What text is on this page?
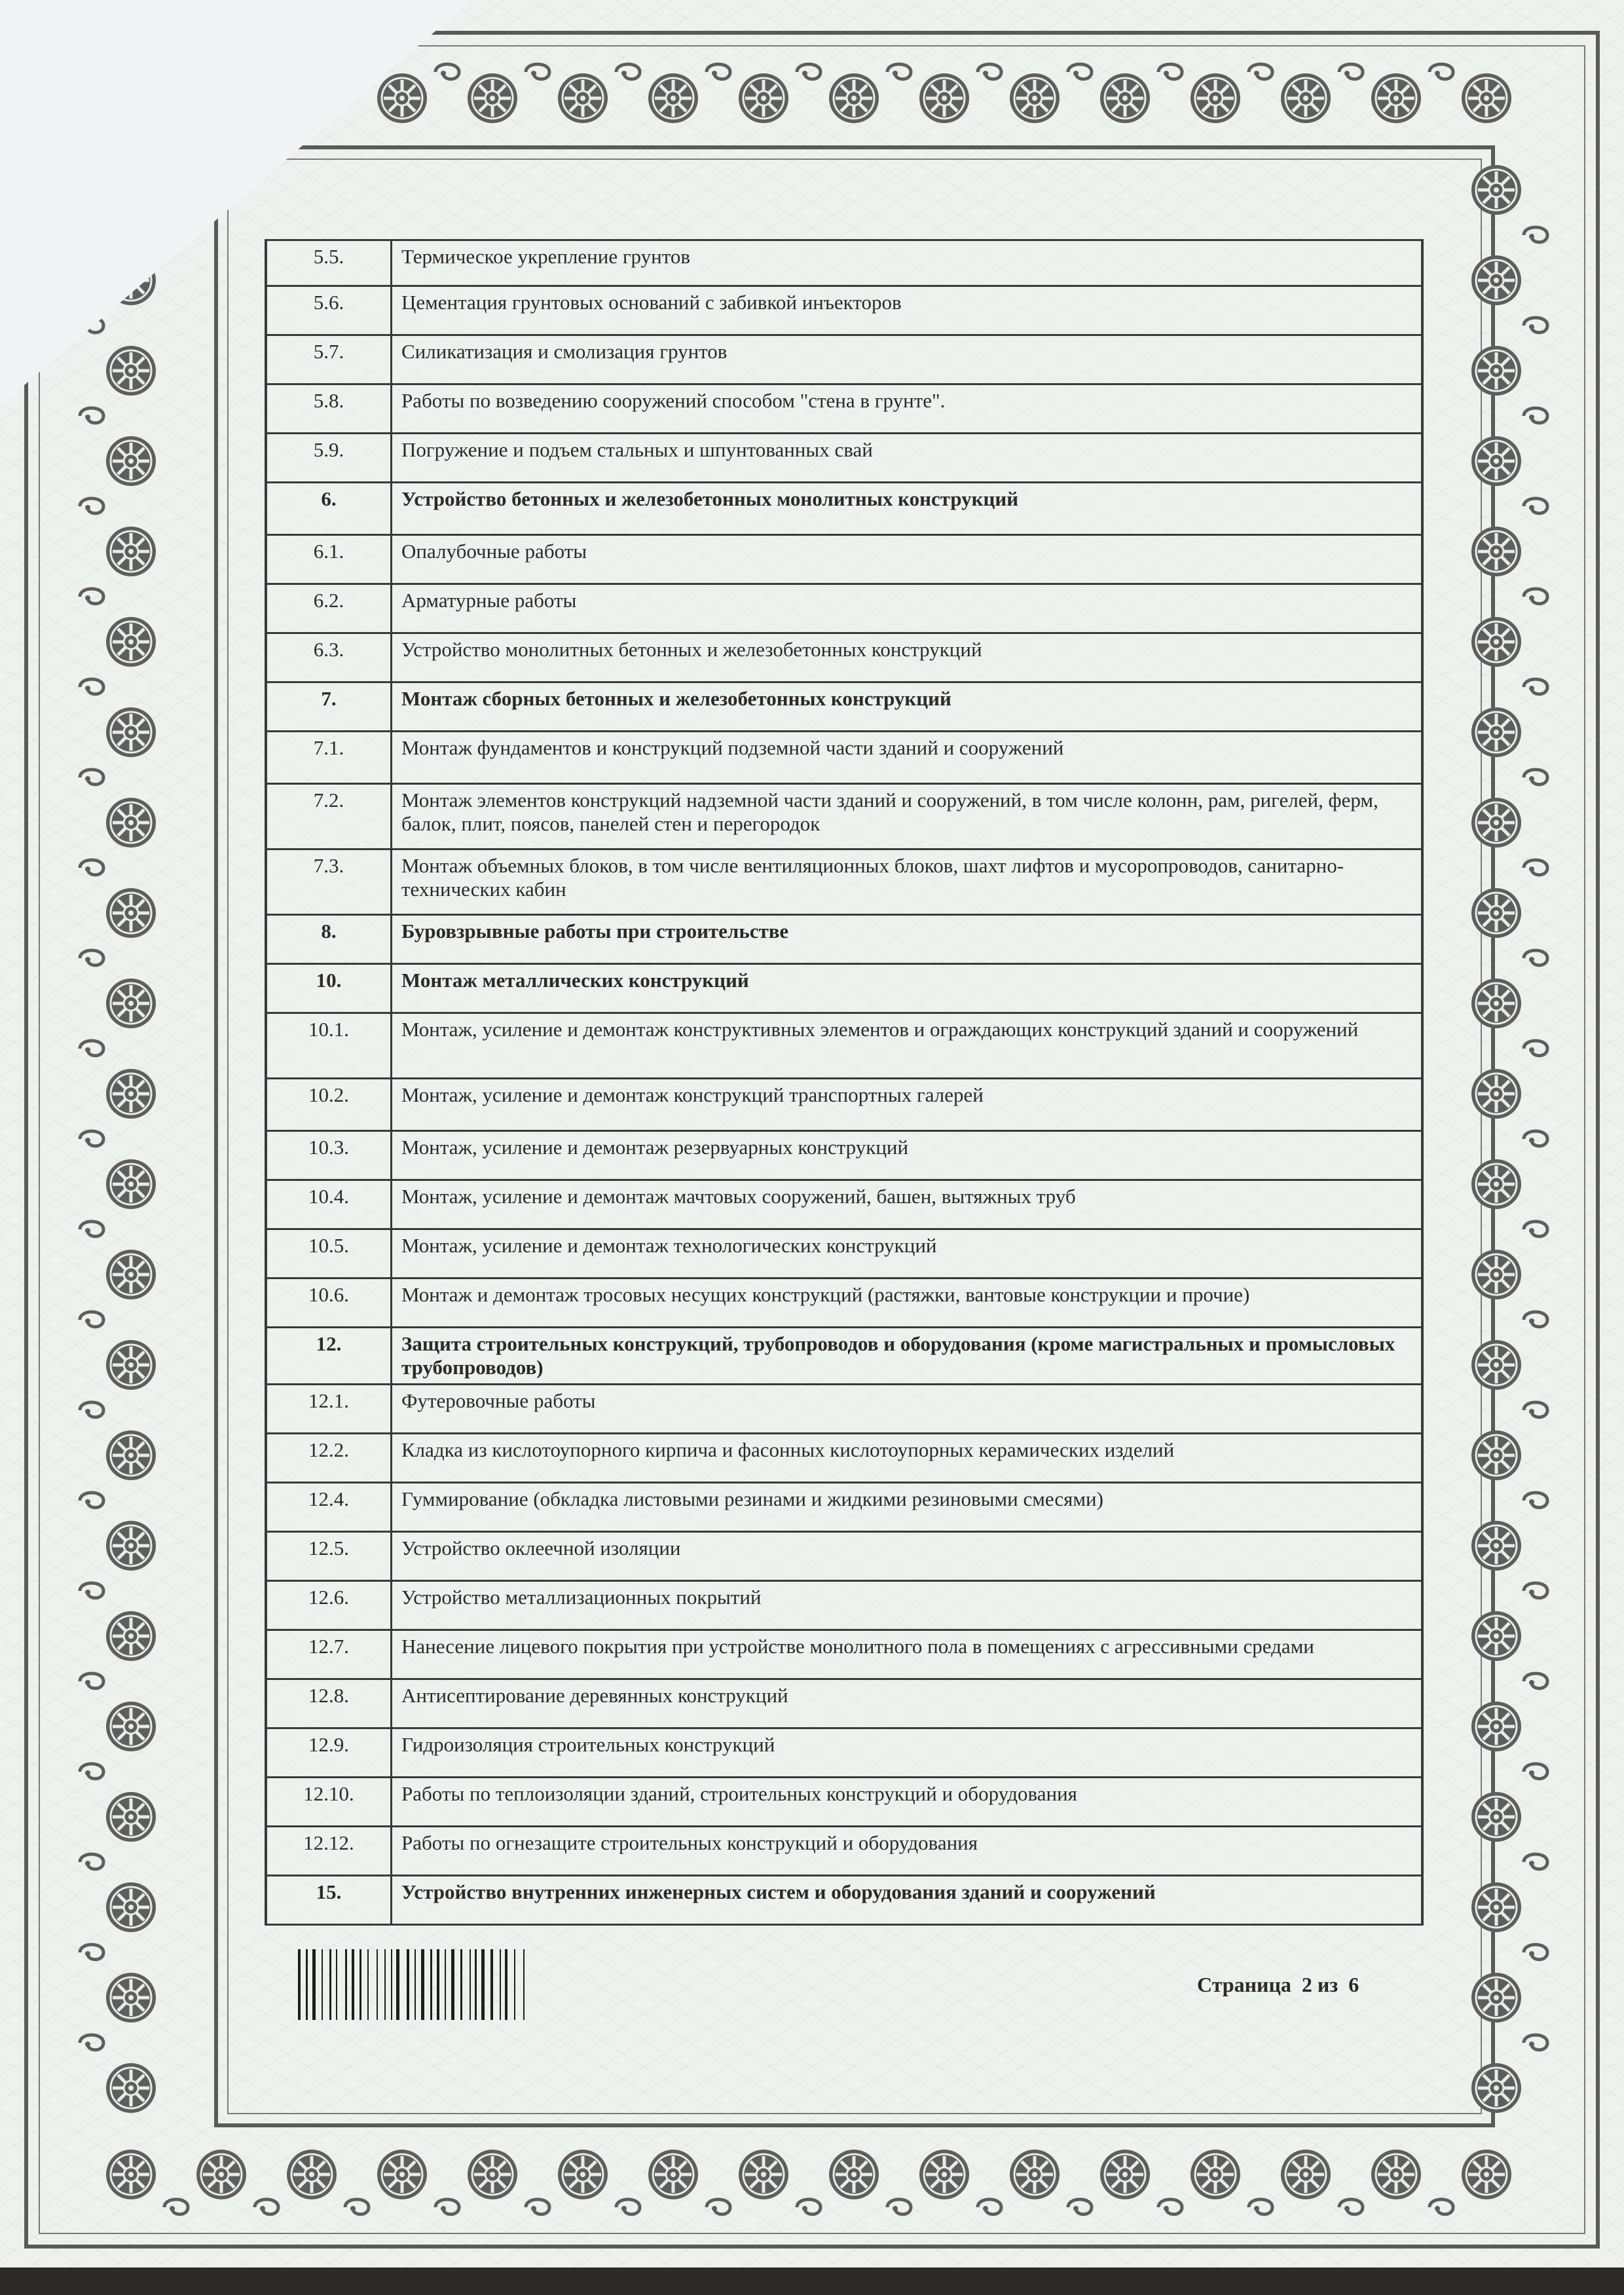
5.5.	Термическое укрепление грунтов
5.6.	Цементация грунтовых оснований с забивкой инъекторов
5.7.	Силикатизация и смолизация грунтов
5.8.	Работы по возведению сооружений способом "стена в грунте".
5.9.	Погружение и подъем стальных и шпунтованных свай
6.	Устройство бетонных и железобетонных монолитных конструкций
6.1.	Опалубочные работы
6.2.	Арматурные работы
6.3.	Устройство монолитных бетонных и железобетонных конструкций
7.	Монтаж сборных бетонных и железобетонных конструкций
7.1.	Монтаж фундаментов и конструкций подземной части зданий и сооружений
7.2.	Монтаж элементов конструкций надземной части зданий и сооружений, в том числе колонн, рам, ригелей, ферм, балок, плит, поясов, панелей стен и перегородок
7.3.	Монтаж объемных блоков, в том числе вентиляционных блоков, шахт лифтов и мусоропроводов, санитарно-технических кабин
8.	Буровзрывные работы при строительстве
10.	Монтаж металлических конструкций
10.1.	Монтаж, усиление и демонтаж конструктивных элементов и ограждающих конструкций зданий и сооружений
10.2.	Монтаж, усиление и демонтаж конструкций транспортных галерей
10.3.	Монтаж, усиление и демонтаж резервуарных конструкций
10.4.	Монтаж, усиление и демонтаж мачтовых сооружений, башен, вытяжных труб
10.5.	Монтаж, усиление и демонтаж технологических конструкций
10.6.	Монтаж и демонтаж тросовых несущих конструкций (растяжки, вантовые конструкции и прочие)
12.	Защита строительных конструкций, трубопроводов и оборудования (кроме магистральных и промысловых трубопроводов)
12.1.	Футеровочные работы
12.2.	Кладка из кислотоупорного кирпича и фасонных кислотоупорных керамических изделий
12.4.	Гуммирование (обкладка листовыми резинами и жидкими резиновыми смесями)
12.5.	Устройство оклеечной изоляции
12.6.	Устройство металлизационных покрытий
12.7.	Нанесение лицевого покрытия при устройстве монолитного пола в помещениях с агрессивными средами
12.8.	Антисептирование деревянных конструкций
12.9.	Гидроизоляция строительных конструкций
12.10.	Работы по теплоизоляции зданий, строительных конструкций и оборудования
12.12.	Работы по огнезащите строительных конструкций и оборудования
15.	Устройство внутренних инженерных систем и оборудования зданий и сооружений
Страница  2 из  6
